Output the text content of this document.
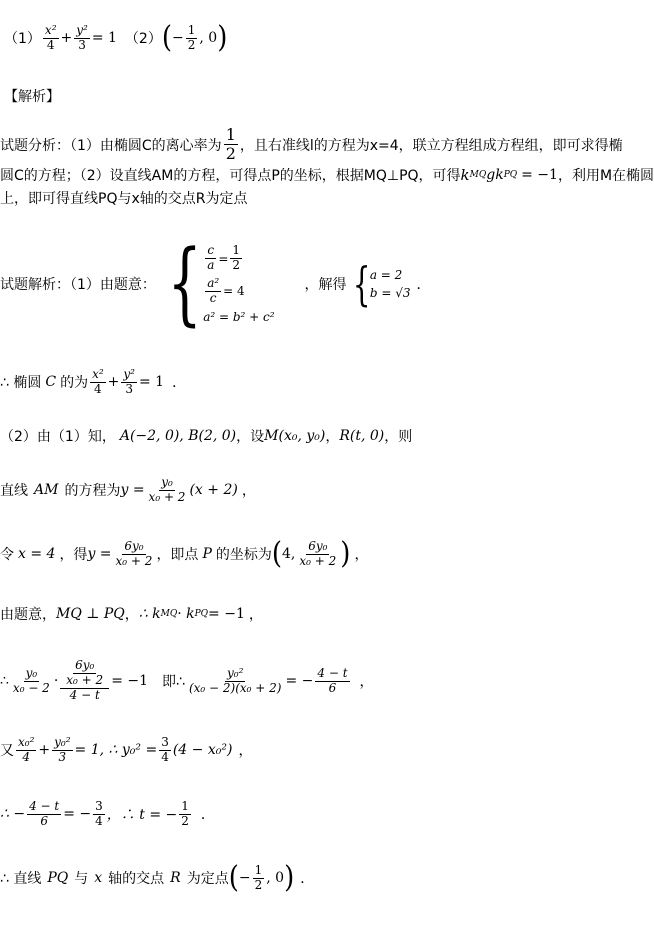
$(1) \frac{\text{x²}}{4} + \frac{\text{y²}}{3} = 1$ （2） ( − $\frac{1}{2}$ , 0 )
【解析】
试题分析：（1）由椭圆C的离心率为 $\frac{1}{2}$ ，且右准线l的方程为x=4，联立方程组成方程组，即可求得椭
圆C的方程；（2）设直线AM的方程，可得点P的坐标，根据MQ⊥PQ，可得 k MQ g k PQ = −1 ，利用M在椭圆
上，即可得直线PQ与x轴的交点R为定点
试题解析：（1）由题意： { $\frac{c}{a} = \frac{1}{2}$
$\frac{\text{a²}}{c} = 4$
a² = b² + c²
，解得 { a = 2
b = √3 ．
∴ 椭圆 C 的为 $\frac{\text{x²}}{4} + \frac{\text{y²}}{3} = 1$ ．
（2）由（1）知， A(−2, 0), B(2, 0) ，设 M(x₀, y₀) ， R(t, 0) ，则
直线 AM 的方程为 $y = \frac{\text{y₀}}{\text{x₀ + 2}} (x + 2)$ ，
令 x = 4 ，得 $y = \frac{\text{6y₀}}{\text{x₀ + 2}}$ ，即点 P 的坐标为 ( 4, $\frac{\text{6y₀}}{\text{x₀ + 2}}$ ) ，
由题意， MQ ⊥ PQ ， ∴ k MQ · k PQ = −1 ，
∴ $\frac{\text{y₀}}{\text{x₀ − 2}} \cdot \frac{\frac{\text{6y₀}}{\text{x₀ + 2}}}{4 - t} = -1$ 即∴ $\frac{\text{y₀²}}{\text{(x₀ − 2)(x₀ + 2)}}$ = − $\frac{4 - t}{6}$ ，
又 $\frac{\text{x₀²}}{4} + \frac{\text{y₀²}}{3} = 1$, ∴ $y_0^2 = \frac{3}{4} (4 - x_0^2)$ ，
∴ − $\frac{4 - t}{6}$ = − $\frac{3}{4}$ ，∴ t = − $\frac{1}{2}$ ．
∴ 直线 PQ 与 x 轴的交点 R 为定点 ( − $\frac{1}{2}$ , 0 ) ．
